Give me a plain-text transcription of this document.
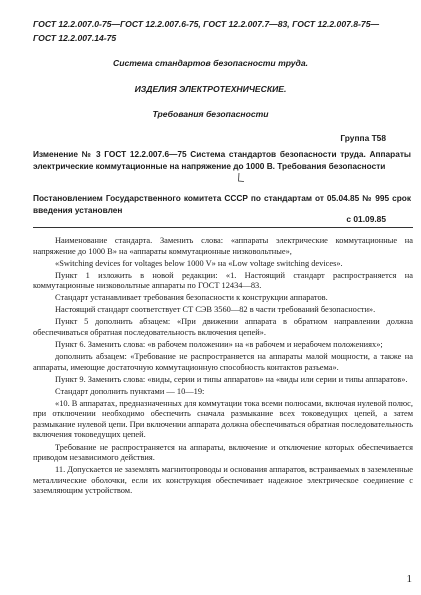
ГОСТ 12.2.007.0-75—ГОСТ 12.2.007.6-75, ГОСТ 12.2.007.7—83, ГОСТ 12.2.007.8-75—
ГОСТ 12.2.007.14-75
Система стандартов безопасности труда.
ИЗДЕЛИЯ ЭЛЕКТРОТЕХНИЧЕСКИЕ.
Требования безопасности
Группа Т58
Изменение № 3 ГОСТ 12.2.007.6—75 Система стандартов безопасности труда. Аппараты электрические коммутационные на напряжение до 1000 В. Требования безопасности
Постановлением Государственного комитета СССР по стандартам от 05.04.85 № 995 срок введения установлен
с 01.09.85

Наименование стандарта. Заменить слова: «аппараты электрические коммутационные на напряжение до 1000 В» на «аппараты коммутационные низковольтные»,

«Switching devices for voltages below 1000 V» на «Low voltage switching devices».

Пункт 1 изложить в новой редакции: «1. Настоящий стандарт распространяется на коммутационные низковольтные аппараты по ГОСТ 12434—83.

Стандарт устанавливает требования безопасности к конструкции аппаратов.

Настоящий стандарт соответствует СТ СЭВ 3560—82 в части требований безопасности».

Пункт 5 дополнить абзацем: «При движении аппарата в обратном направлении должна обеспечиваться обратная последовательность включения цепей».

Пункт 6. Заменить слова: «в рабочем положении» на «в рабочем и нерабочем положениях»;

дополнить абзацем: «Требование не распространяется на аппараты малой мощности, а также на аппараты, имеющие достаточную коммутационную способность контактов разъема».

Пункт 9. Заменить слова: «виды, серии и типы аппаратов» на «виды или серии и типы аппаратов».

Стандарт дополнить пунктами — 10—19:

«10. В аппаратах, предназначенных для коммутации тока всеми полюсами, включая нулевой полюс, при отключении необходимо обеспечить сначала размыкание всех токоведущих цепей, а затем размыкание нулевой цепи. При включении аппарата должна обеспечиваться обратная последовательность включения токоведущих цепей.

Требование не распространяется на аппараты, включение и отключение которых обеспечивается приводом независимого действия.

11. Допускается не заземлять магнитопроводы и основания аппаратов, встраиваемых в заземленные металлические оболочки, если их конструкция обеспечивает надежное электрическое соединение с заземляющим устройством.

1
